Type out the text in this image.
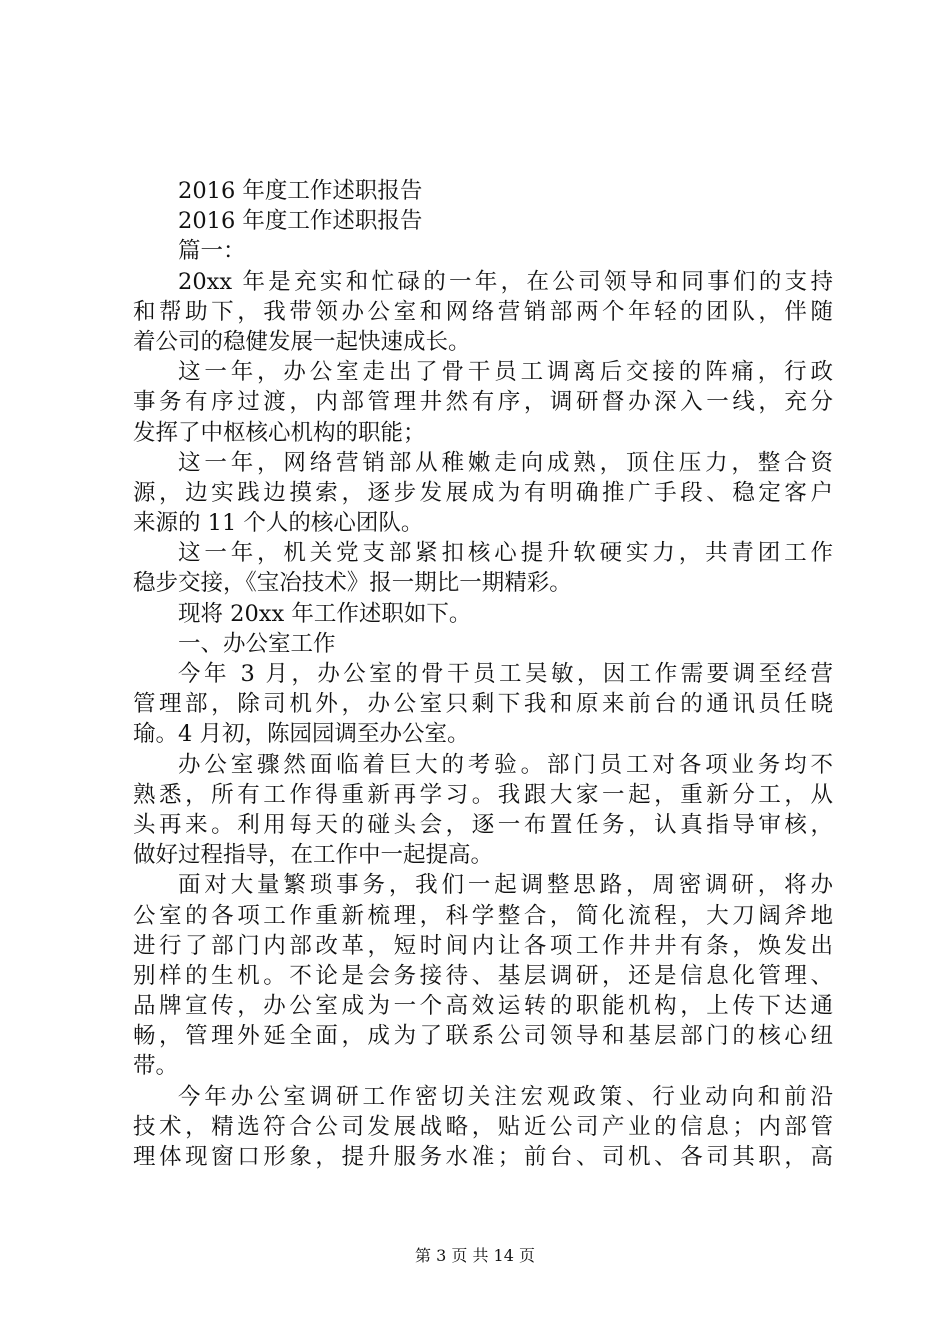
2016 年度工作述职报告
2016 年度工作述职报告
篇一：
20xx 年是充实和忙碌的一年，在公司领导和同事们的支持
和帮助下，我带领办公室和网络营销部两个年轻的团队，伴随
着公司的稳健发展一起快速成长。
这一年，办公室走出了骨干员工调离后交接的阵痛，行政
事务有序过渡，内部管理井然有序，调研督办深入一线，充分
发挥了中枢核心机构的职能；
这一年，网络营销部从稚嫩走向成熟，顶住压力，整合资
源，边实践边摸索，逐步发展成为有明确推广手段、稳定客户
来源的 11 个人的核心团队。
这一年，机关党支部紧扣核心提升软硬实力，共青团工作
稳步交接，《宝冶技术》报一期比一期精彩。
现将 20xx 年工作述职如下。
一、办公室工作
今年 3 月，办公室的骨干员工吴敏，因工作需要调至经营
管理部，除司机外，办公室只剩下我和原来前台的通讯员任晓
瑜。4 月初，陈园园调至办公室。
办公室骤然面临着巨大的考验。部门员工对各项业务均不
熟悉，所有工作得重新再学习。我跟大家一起，重新分工，从
头再来。利用每天的碰头会，逐一布置任务，认真指导审核，
做好过程指导，在工作中一起提高。
面对大量繁琐事务，我们一起调整思路，周密调研，将办
公室的各项工作重新梳理，科学整合，简化流程，大刀阔斧地
进行了部门内部改革，短时间内让各项工作井井有条，焕发出
别样的生机。不论是会务接待、基层调研，还是信息化管理、
品牌宣传，办公室成为一个高效运转的职能机构，上传下达通
畅，管理外延全面，成为了联系公司领导和基层部门的核心纽
带。
今年办公室调研工作密切关注宏观政策、行业动向和前沿
技术，精选符合公司发展战略，贴近公司产业的信息；内部管
理体现窗口形象，提升服务水准；前台、司机、各司其职，高
第 3 页 共 14 页
